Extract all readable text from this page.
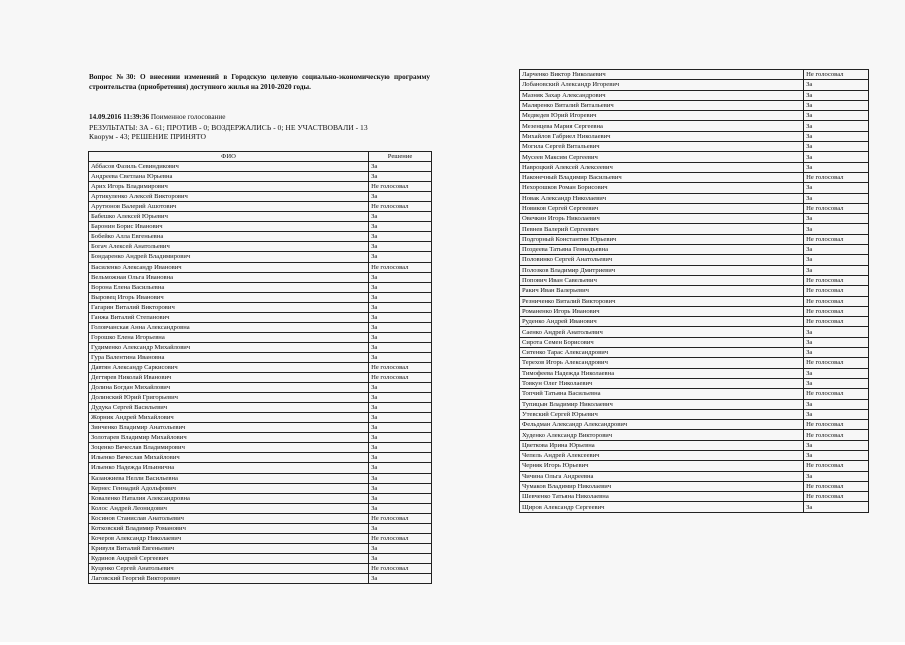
Вопрос №30: О внесении изменений в Городскую целевую социально-экономическую программу строительства (приобретения) доступного жилья на 2010-2020 годы.
14.09.2016 11:39:36 Поименное голосование
РЕЗУЛЬТАТЫ: ЗА - 61; ПРОТИВ - 0; ВОЗДЕРЖАЛИСЬ - 0; НЕ УЧАСТВОВАЛИ - 13
Кворум - 43; РЕШЕНИЕ ПРИНЯТО
ФИО	Решение
Аббасов Фазиль Севиндикович	За
Андреева Светлана Юрьевна	За
Арих Игорь Владимирович	Не голосовал
Артикуленко Алексей Викторович	За
Арутюнов Валерий Ашотович	Не голосовал
Бабешко Алексей Юрьевич	За
Баронин Борис Иванович	За
Бобейко Алла Евгеньевна	За
Богач Алексей Анатольевич	За
Бондаренко Андрей Владимирович	За
Василенко Александр Иванович	Не голосовал
Вельможная Ольга Ивановна	За
Ворона Елена Васильевна	За
Выровец Игорь Иванович	За
Гагарин Виталий Викторович	За
Ганжа Виталий Степанович	За
Головчанская Анна Александровна	За
Горошко Елена Игорьевна	За
Гудименко Александр Михайлович	За
Гура Валентина Ивановна	За
Давтян Александр Саркисович	Не голосовал
Дегтярев Николай Иванович	Не голосовал
Долина Богдан Михайлович	За
Долинский Юрий Григорьевич	За
Дудука Сергей Васильевич	За
Жорник Андрей Михайлович	За
Зинченко Владимир Анатольевич	За
Золотарев Владимир Михайлович	За
Зоценко Вячеслав Владимирович	За
Ильенко Вячеслав Михайлович	За
Ильенко Надежда Ильинична	За
Казанжиева Нелли Васильевна	За
Кернес Геннадий Адольфович	За
Коваленко Наталия Александровна	За
Колос Андрей Леонидович	За
Косинов Станислав Анатольевич	Не голосовал
Котковский Владимир Романович	За
Кочеров Александр Николаевич	Не голосовал
Кривуля Виталий Евгеньевич	За
Кудинов Андрей Сергеевич	За
Куценко Сергей Анатольевич	Не голосовал
Лаговский Георгий Викторович	За
Ларченко Виктор Николаевич	Не голосовал
Лобановский Александр Игоревич	За
Мазняк Захар Александрович	За
Маляренко Виталий Витальевич	За
Медведев Юрий Игоревич	За
Мезенцева Мария Сергеевна	За
Михайлов Габриел Николаевич	За
Могила Сергей Витальевич	За
Мусеев Максим Сергеевич	За
Навроцкий Алексей Алексеевич	За
Наконечный Владимир Васильевич	Не голосовал
Нехорошков Роман Борисович	За
Новак Александр Николаевич	За
Новиков Сергей Сергеевич	Не голосовал
Овечкин Игорь Николаевич	За
Певнев Валерий Сергеевич	За
Подгорный Константин Юрьевич	Не голосовал
Поздеева Татьяна Геннадьевна	За
Половинко Сергей Анатольевич	За
Полозков Владимир Дмитриевич	За
Попович Иван Савельевич	Не голосовал
Ракич Иван Валерьевич	Не голосовал
Резниченко Виталий Викторович	Не голосовал
Романенко Игорь Иванович	Не голосовал
Руденко Андрей Иванович	Не голосовал
Саенко Андрей Анатольевич	За
Сирота Семен Борисович	За
Ситенко Тарас Александрович	За
Терехов Игорь Александрович	Не голосовал
Тимофеева Надежда Николаевна	За
Товкун Олег Николаевич	За
Топчий Татьяна Васильевна	Не голосовал
Тупицын Владимир Николаевич	За
Утевский Сергей Юрьевич	За
Фельдман Александр Александрович	Не голосовал
Худенко Александр Викторович	Не голосовал
Цветкова Ирина Юрьевна	За
Чепель Андрей Алексеевич	За
Черняк Игорь Юрьевич	Не голосовал
Чичина Ольга Андреевна	За
Чумаков Владимир Николаевич	Не голосовал
Шевченко Татьяна Николаевна	Не голосовал
Щиров Александр Сергеевич	За
